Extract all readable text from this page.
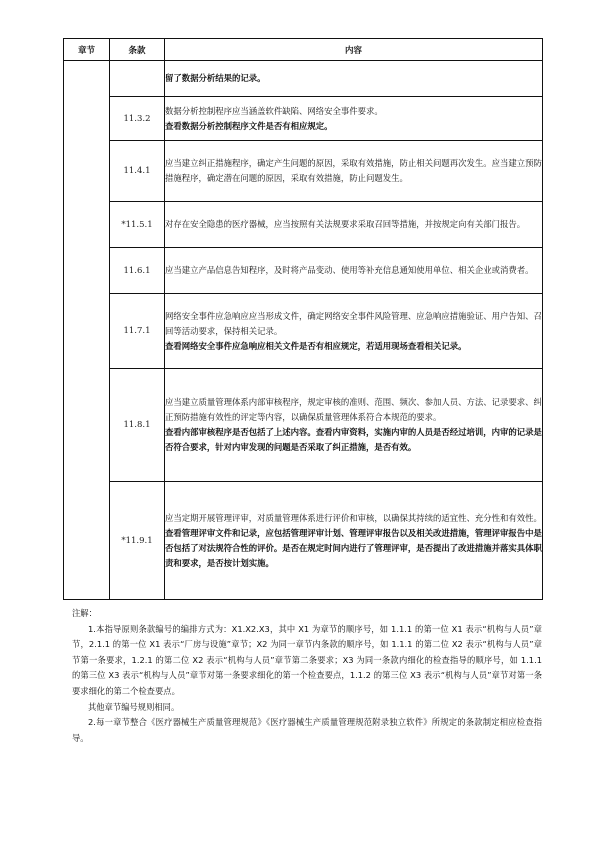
章节	条款	内容

		留了数据分析结果的记录。

	11.3.2	数据分析控制程序应当涵盖软件缺陷、网络安全事件要求。
查看数据分析控制程序文件是否有相应规定。

	11.4.1	应当建立纠正措施程序，确定产生问题的原因，采取有效措施，防止相关问题再次发生。应当建立预防措施程序，确定潜在问题的原因，采取有效措施，防止问题发生。

	*11.5.1	对存在安全隐患的医疗器械，应当按照有关法规要求采取召回等措施，并按规定向有关部门报告。

	11.6.1	应当建立产品信息告知程序，及时将产品变动、使用等补充信息通知使用单位、相关企业或消费者。

	11.7.1	网络安全事件应急响应应当形成文件，确定网络安全事件风险管理、应急响应措施验证、用户告知、召回等活动要求，保持相关记录。
查看网络安全事件应急响应相关文件是否有相应规定，若适用现场查看相关记录。

	11.8.1	应当建立质量管理体系内部审核程序，规定审核的准则、范围、频次、参加人员、方法、记录要求、纠正预防措施有效性的评定等内容，以确保质量管理体系符合本规范的要求。
查看内部审核程序是否包括了上述内容。查看内审资料，实施内审的人员是否经过培训，内审的记录是否符合要求，针对内审发现的问题是否采取了纠正措施，是否有效。

	*11.9.1	应当定期开展管理评审，对质量管理体系进行评价和审核，以确保其持续的适宜性、充分性和有效性。
查看管理评审文件和记录，应包括管理评审计划、管理评审报告以及相关改进措施，管理评审报告中是否包括了对法规符合性的评价。是否在规定时间内进行了管理评审，是否提出了改进措施并落实具体职责和要求，是否按计划实施。
注解：
1.本指导原则条款编号的编排方式为：X1.X2.X3，其中 X1 为章节的顺序号，如 1.1.1 的第一位 X1 表示“机构与人员”章节，2.1.1 的第一位 X1 表示“厂房与设施”章节；X2 为同一章节内条款的顺序号，如 1.1.1 的第二位 X2 表示“机构与人员”章节第一条要求，1.2.1 的第二位 X2 表示“机构与人员”章节第二条要求；X3 为同一条款内细化的检查指导的顺序号，如 1.1.1 的第三位 X3 表示“机构与人员”章节对第一条要求细化的第一个检查要点，1.1.2 的第三位 X3 表示“机构与人员”章节对第一条要求细化的第二个检查要点。
其他章节编号规则相同。
2.每一章节整合《医疗器械生产质量管理规范》《医疗器械生产质量管理规范附录独立软件》所规定的条款制定相应检查指导。
